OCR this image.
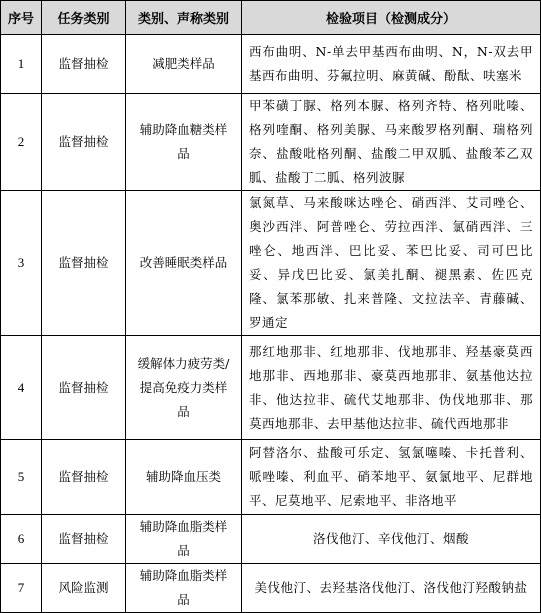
序号	任务类别	类别、声称类别	检验项目（检测成分）
1	监督抽检	减肥类样品	西布曲明、N-单去甲基西布曲明、N，N-双去甲基西布曲明、芬氟拉明、麻黄碱、酚酞、呋塞米
2	监督抽检	辅助降血糖类样品	甲苯磺丁脲、格列本脲、格列齐特、格列吡嗪、格列喹酮、格列美脲、马来酸罗格列酮、瑞格列奈、盐酸吡格列酮、盐酸二甲双胍、盐酸苯乙双胍、盐酸丁二胍、格列波脲
3	监督抽检	改善睡眠类样品	氯氮草、马来酸咪达唑仑、硝西泮、艾司唑仑、奥沙西泮、阿普唑仑、劳拉西泮、氯硝西泮、三唑仑、地西泮、巴比妥、苯巴比妥、司可巴比妥、异戊巴比妥、氯美扎酮、褪黑素、佐匹克隆、氯苯那敏、扎来普隆、文拉法辛、青藤碱、罗通定
4	监督抽检	缓解体力疲劳类/提高免疫力类样品	那红地那非、红地那非、伐地那非、羟基豪莫西地那非、西地那非、豪莫西地那非、氨基他达拉非、他达拉非、硫代艾地那非、伪伐地那非、那莫西地那非、去甲基他达拉非、硫代西地那非
5	监督抽检	辅助降血压类	阿替洛尔、盐酸可乐定、氢氯噻嗪、卡托普利、哌唑嗪、利血平、硝苯地平、氨氯地平、尼群地平、尼莫地平、尼索地平、非洛地平
6	监督抽检	辅助降血脂类样品	洛伐他汀、辛伐他汀、烟酸
7	风险监测	辅助降血脂类样品	美伐他汀、去羟基洛伐他汀、洛伐他汀羟酸钠盐
